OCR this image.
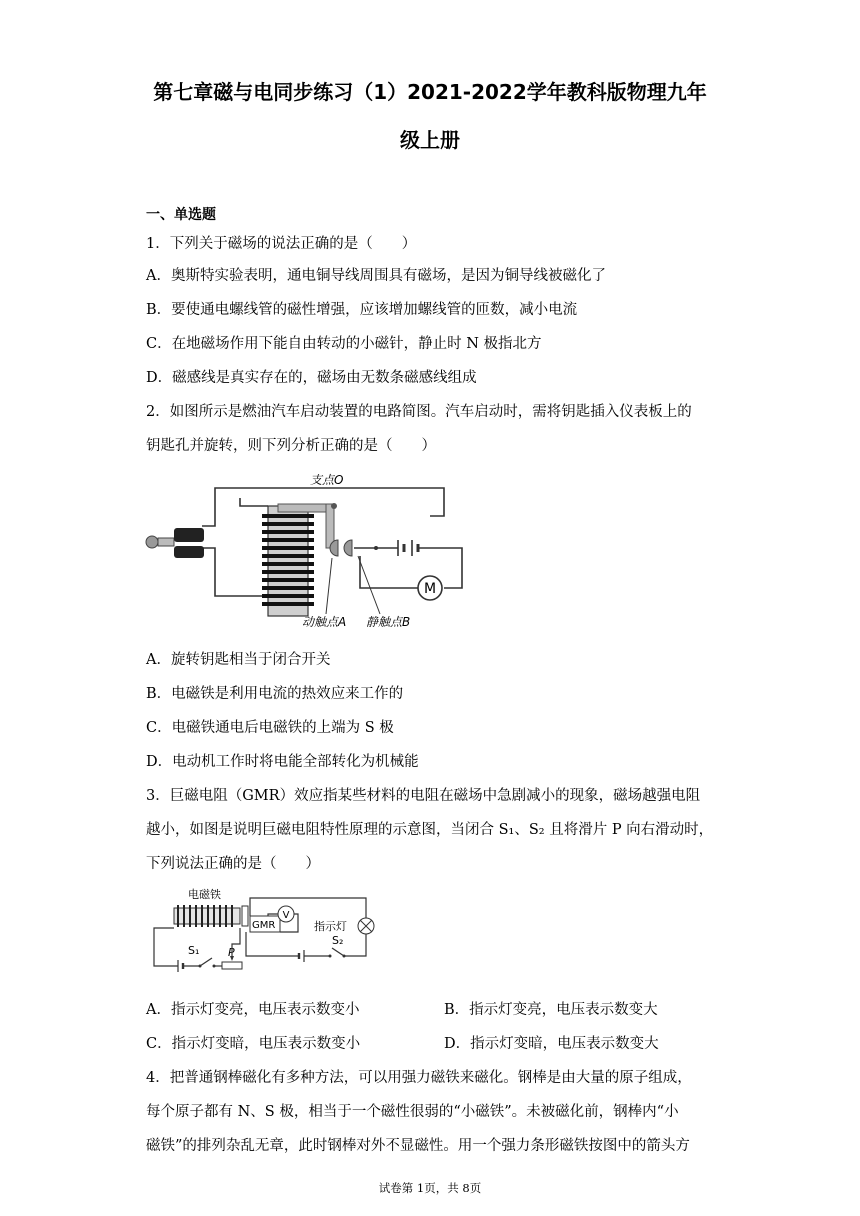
第七章磁与电同步练习（1）2021-2022学年教科版物理九年
级上册
一、单选题
1．下列关于磁场的说法正确的是（　　）
A．奥斯特实验表明，通电铜导线周围具有磁场，是因为铜导线被磁化了
B．要使通电螺线管的磁性增强，应该增加螺线管的匝数，减小电流
C．在地磁场作用下能自由转动的小磁针，静止时 N 极指北方
D．磁感线是真实存在的，磁场由无数条磁感线组成
2．如图所示是燃油汽车启动装置的电路简图。汽车启动时，需将钥匙插入仪表板上的
钥匙孔并旋转，则下列分析正确的是（　　）
M
支点O
动触点A 静触点B
A．旋转钥匙相当于闭合开关
B．电磁铁是利用电流的热效应来工作的
C．电磁铁通电后电磁铁的上端为 S 极
D．电动机工作时将电能全部转化为机械能
3．巨磁电阻（GMR）效应指某些材料的电阻在磁场中急剧减小的现象，磁场越强电阻
越小，如图是说明巨磁电阻特性原理的示意图，当闭合 S₁、S₂ 且将滑片 P 向右滑动时，
下列说法正确的是（　　）
电磁铁
S₁	P
GMR
V
指示灯
S₂
A．指示灯变亮，电压表示数变小	B．指示灯变亮，电压表示数变大
C．指示灯变暗，电压表示数变小	D．指示灯变暗，电压表示数变大
4．把普通钢棒磁化有多种方法，可以用强力磁铁来磁化。钢棒是由大量的原子组成，
每个原子都有 N、S 极，相当于一个磁性很弱的“小磁铁”。未被磁化前，钢棒内“小
磁铁”的排列杂乱无章，此时钢棒对外不显磁性。用一个强力条形磁铁按图中的箭头方
试卷第 1页，共 8页
